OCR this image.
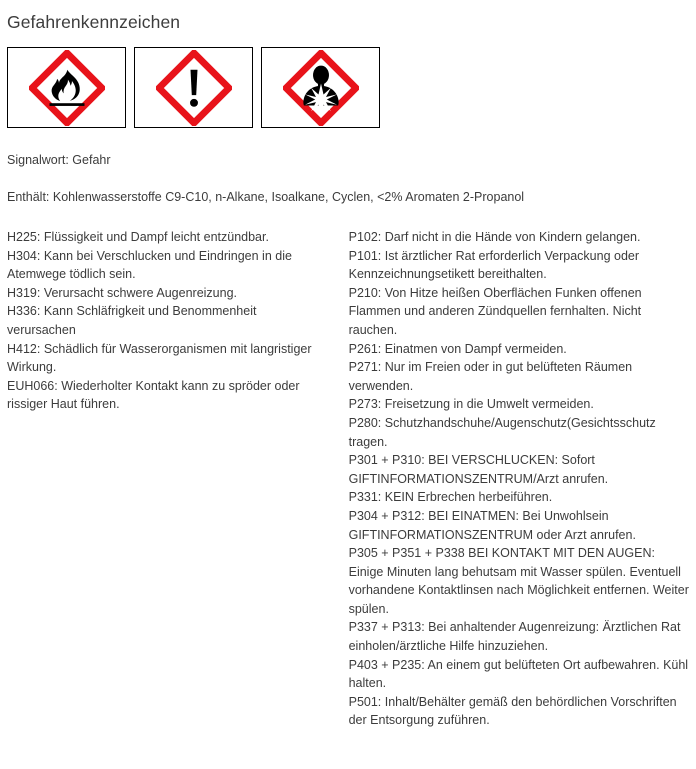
Gefahrenkennzeichen
Signalwort: Gefahr
Enthält: Kohlenwasserstoffe C9-C10, n-Alkane, Isoalkane, Cyclen, <2% Aromaten 2-Propanol

H225: Flüssigkeit und Dampf leicht entzündbar.

H304: Kann bei Verschlucken und Eindringen in die Atemwege tödlich sein.

H319: Verursacht schwere Augenreizung.

H336: Kann Schläfrigkeit und Benommenheit verursachen

H412: Schädlich für Wasserorganismen mit langristiger Wirkung.

EUH066: Wiederholter Kontakt kann zu spröder oder rissiger Haut führen.

P102: Darf nicht in die Hände von Kindern gelangen.

P101: Ist ärztlicher Rat erforderlich Verpackung oder Kennzeichnungsetikett bereithalten.

P210: Von Hitze heißen Oberflächen Funken offenen Flammen und anderen Zündquellen fernhalten. Nicht rauchen.

P261: Einatmen von Dampf vermeiden.

P271: Nur im Freien oder in gut belüfteten Räumen verwenden.

P273: Freisetzung in die Umwelt vermeiden.

P280: Schutzhandschuhe/Augenschutz(Gesichtsschutz tragen.

P301 + P310: BEI VERSCHLUCKEN: Sofort GIFTINFORMATIONSZENTRUM/Arzt anrufen.

P331: KEIN Erbrechen herbeiführen.

P304 + P312: BEI EINATMEN: Bei Unwohlsein GIFTINFORMATIONSZENTRUM oder Arzt anrufen.

P305 + P351 + P338 BEI KONTAKT MIT DEN AUGEN: Einige Minuten lang behutsam mit Wasser spülen. Eventuell vorhandene Kontaktlinsen nach Möglichkeit entfernen. Weiter spülen.

P337 + P313: Bei anhaltender Augenreizung: Ärztlichen Rat einholen/ärztliche Hilfe hinzuziehen.

P403 + P235: An einem gut belüfteten Ort aufbewahren. Kühl halten.

P501: Inhalt/Behälter gemäß den behördlichen Vorschriften der Entsorgung zuführen.
